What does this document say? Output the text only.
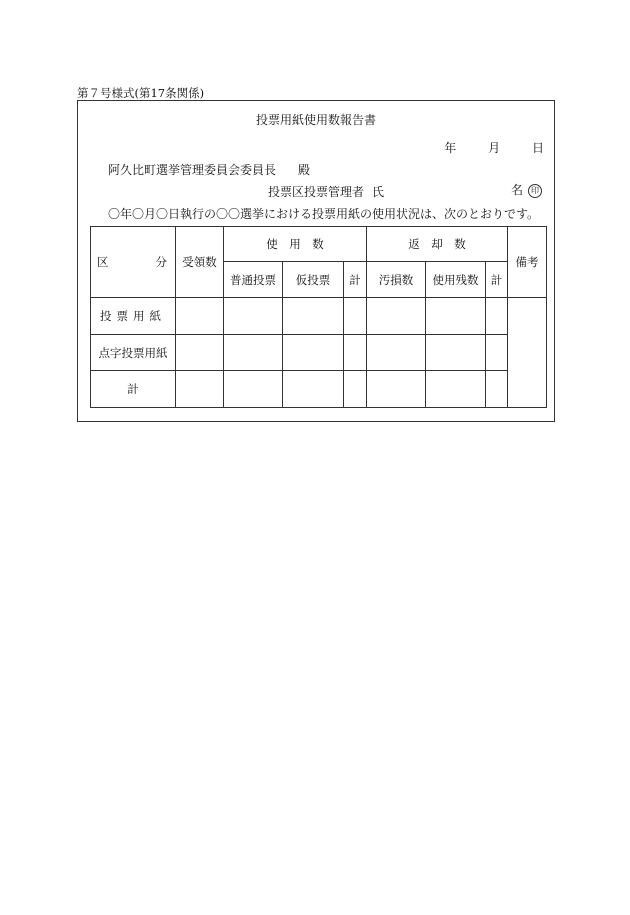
第７号様式(第17条関係)
投票用紙使用数報告書
年	月	日
阿久比町選挙管理委員会委員長 殿
投票区投票管理者 氏	名 印
〇年〇月〇日執行の〇〇選挙における投票用紙の使用状況は、次のとおりです。
区 分	受領数	使　用　数			返　却　数			備考
		普通投票	仮投票	計	汚損数	使用残数	計	
投票用紙								
点字投票用紙								
計								
